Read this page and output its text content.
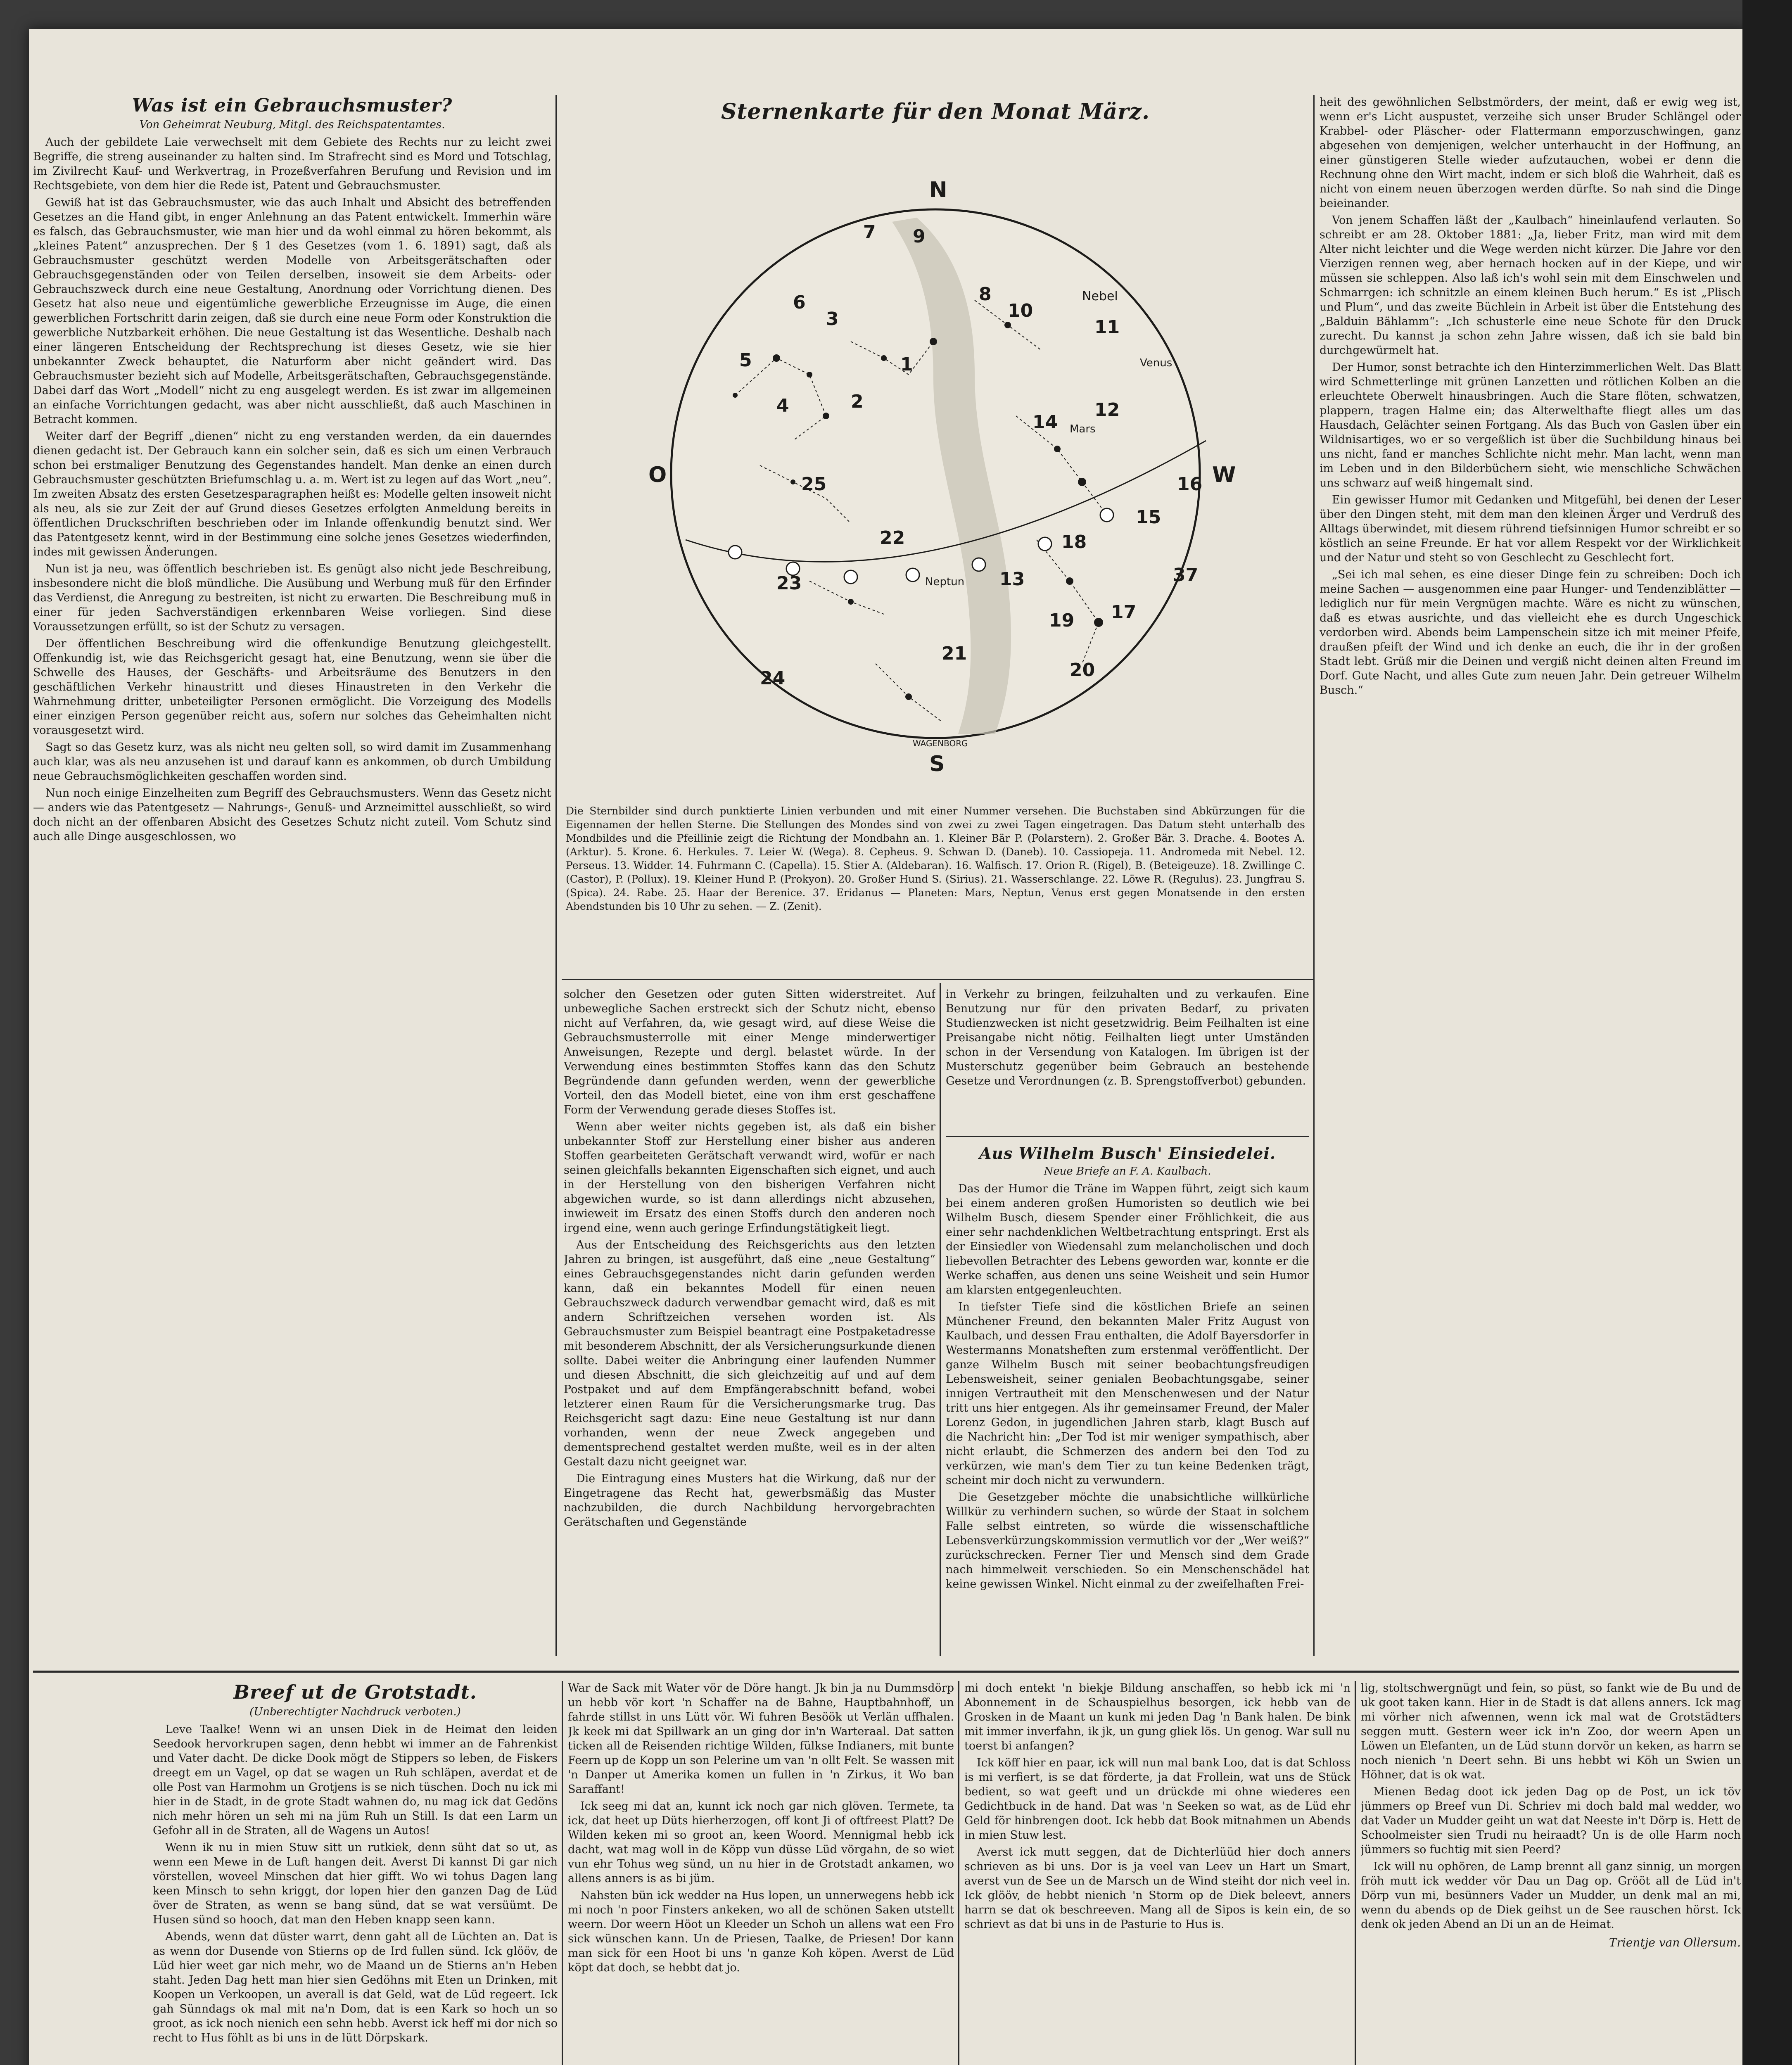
Was ist ein Gebrauchsmuster?
Von Geheimrat Neuburg, Mitgl. des Reichspatentamtes.

Auch der gebildete Laie verwechselt mit dem Gebiete des Rechts nur zu leicht zwei Begriffe, die streng auseinander zu halten sind. Im Strafrecht sind es Mord und Totschlag, im Zivilrecht Kauf- und Werkvertrag, in Prozeßverfahren Berufung und Revision und im Rechtsgebiete, von dem hier die Rede ist, Patent und Gebrauchsmuster.

Gewiß hat ist das Gebrauchsmuster, wie das auch Inhalt und Absicht des betreffenden Gesetzes an die Hand gibt, in enger Anlehnung an das Patent entwickelt. Immerhin wäre es falsch, das Gebrauchsmuster, wie man hier und da wohl einmal zu hören bekommt, als „kleines Patent“ anzusprechen. Der § 1 des Gesetzes (vom 1. 6. 1891) sagt, daß als Gebrauchsmuster geschützt werden Modelle von Arbeitsgerätschaften oder Gebrauchsgegenständen oder von Teilen derselben, insoweit sie dem Arbeits- oder Gebrauchszweck durch eine neue Gestaltung, Anordnung oder Vorrichtung dienen. Des Gesetz hat also neue und eigentümliche gewerbliche Erzeugnisse im Auge, die einen gewerblichen Fortschritt darin zeigen, daß sie durch eine neue Form oder Konstruktion die gewerbliche Nutzbarkeit erhöhen. Die neue Gestaltung ist das Wesentliche. Deshalb nach einer längeren Entscheidung der Rechtsprechung ist dieses Gesetz, wie sie hier unbekannter Zweck behauptet, die Naturform aber nicht geändert wird. Das Gebrauchsmuster bezieht sich auf Modelle, Arbeitsgerätschaften, Gebrauchsgegenstände. Dabei darf das Wort „Modell“ nicht zu eng ausgelegt werden. Es ist zwar im allgemeinen an einfache Vorrichtungen gedacht, was aber nicht ausschließt, daß auch Maschinen in Betracht kommen.

Weiter darf der Begriff „dienen“ nicht zu eng verstanden werden, da ein dauerndes dienen gedacht ist. Der Gebrauch kann ein solcher sein, daß es sich um einen Verbrauch schon bei erstmaliger Benutzung des Gegenstandes handelt. Man denke an einen durch Gebrauchsmuster geschützten Briefumschlag u. a. m. Wert ist zu legen auf das Wort „neu“. Im zweiten Absatz des ersten Gesetzesparagraphen heißt es: Modelle gelten insoweit nicht als neu, als sie zur Zeit der auf Grund dieses Gesetzes erfolgten Anmeldung bereits in öffentlichen Druckschriften beschrieben oder im Inlande offenkundig benutzt sind. Wer das Patentgesetz kennt, wird in der Bestimmung eine solche jenes Gesetzes wiederfinden, indes mit gewissen Änderungen.

Nun ist ja neu, was öffentlich beschrieben ist. Es genügt also nicht jede Beschreibung, insbesondere nicht die bloß mündliche. Die Ausübung und Werbung muß für den Erfinder das Verdienst, die Anregung zu bestreiten, ist nicht zu erwarten. Die Beschreibung muß in einer für jeden Sachverständigen erkennbaren Weise vorliegen. Sind diese Voraussetzungen erfüllt, so ist der Schutz zu versagen.

Der öffentlichen Beschreibung wird die offenkundige Benutzung gleichgestellt. Offenkundig ist, wie das Reichsgericht gesagt hat, eine Benutzung, wenn sie über die Schwelle des Hauses, der Geschäfts- und Arbeitsräume des Benutzers in den geschäftlichen Verkehr hinaustritt und dieses Hinaustreten in den Verkehr die Wahrnehmung dritter, unbeteiligter Personen ermöglicht. Die Vorzeigung des Modells einer einzigen Person gegenüber reicht aus, sofern nur solches das Geheimhalten nicht vorausgesetzt wird.

Sagt so das Gesetz kurz, was als nicht neu gelten soll, so wird damit im Zusammenhang auch klar, was als neu anzusehen ist und darauf kann es ankommen, ob durch Umbildung neue Gebrauchsmöglichkeiten geschaffen worden sind.

Nun noch einige Einzelheiten zum Begriff des Gebrauchsmusters. Wenn das Gesetz nicht — anders wie das Patentgesetz — Nahrungs-, Genuß- und Arzneimittel ausschließt, so wird doch nicht an der offenbaren Absicht des Gesetzes Schutz nicht zuteil. Vom Schutz sind auch alle Dinge ausgeschlossen, wo

Sternenkarte für den Monat März.
N
S
O	W
Nebel
Venus
Mars
Neptun
WAGENBORG
1
2
3
4
5
6
7
8
9
10
11
12
13
14
15
16
17
18
19
20
21
22
23
24
25
37
Die Sternbilder sind durch punktierte Linien verbunden und mit einer Nummer versehen. Die Buchstaben sind Abkürzungen für die Eigennamen der hellen Sterne. Die Stellungen des Mondes sind von zwei zu zwei Tagen eingetragen. Das Datum steht unterhalb des Mondbildes und die Pfeillinie zeigt die Richtung der Mondbahn an. 1. Kleiner Bär P. (Polarstern). 2. Großer Bär. 3. Drache. 4. Bootes A. (Arktur). 5. Krone. 6. Herkules. 7. Leier W. (Wega). 8. Cepheus. 9. Schwan D. (Daneb). 10. Cassiopeja. 11. Andromeda mit Nebel. 12. Perseus. 13. Widder. 14. Fuhrmann C. (Capella). 15. Stier A. (Aldebaran). 16. Walfisch. 17. Orion R. (Rigel), B. (Beteigeuze). 18. Zwillinge C. (Castor), P. (Pollux). 19. Kleiner Hund P. (Prokyon). 20. Großer Hund S. (Sirius). 21. Wasserschlange. 22. Löwe R. (Regulus). 23. Jungfrau S. (Spica). 24. Rabe. 25. Haar der Berenice. 37. Eridanus — Planeten: Mars, Neptun, Venus erst gegen Monatsende in den ersten Abendstunden bis 10 Uhr zu sehen. — Z. (Zenit).

solcher den Gesetzen oder guten Sitten widerstreitet. Auf unbewegliche Sachen erstreckt sich der Schutz nicht, ebenso nicht auf Verfahren, da, wie gesagt wird, auf diese Weise die Gebrauchsmusterrolle mit einer Menge minderwertiger Anweisungen, Rezepte und dergl. belastet würde. In der Verwendung eines bestimmten Stoffes kann das den Schutz Begründende dann gefunden werden, wenn der gewerbliche Vorteil, den das Modell bietet, eine von ihm erst geschaffene Form der Verwendung gerade dieses Stoffes ist.

Wenn aber weiter nichts gegeben ist, als daß ein bisher unbekannter Stoff zur Herstellung einer bisher aus anderen Stoffen gearbeiteten Gerätschaft verwandt wird, wofür er nach seinen gleichfalls bekannten Eigenschaften sich eignet, und auch in der Herstellung von den bisherigen Verfahren nicht abgewichen wurde, so ist dann allerdings nicht abzusehen, inwieweit im Ersatz des einen Stoffs durch den anderen noch irgend eine, wenn auch geringe Erfindungstätigkeit liegt.

Aus der Entscheidung des Reichsgerichts aus den letzten Jahren zu bringen, ist ausgeführt, daß eine „neue Gestaltung“ eines Gebrauchsgegenstandes nicht darin gefunden werden kann, daß ein bekanntes Modell für einen neuen Gebrauchszweck dadurch verwendbar gemacht wird, daß es mit andern Schriftzeichen versehen worden ist. Als Gebrauchsmuster zum Beispiel beantragt eine Postpaketadresse mit besonderem Abschnitt, der als Versicherungsurkunde dienen sollte. Dabei weiter die Anbringung einer laufenden Nummer und diesen Abschnitt, die sich gleichzeitig auf und auf dem Postpaket und auf dem Empfängerabschnitt befand, wobei letzterer einen Raum für die Versicherungsmarke trug. Das Reichsgericht sagt dazu: Eine neue Gestaltung ist nur dann vorhanden, wenn der neue Zweck angegeben und dementsprechend gestaltet werden mußte, weil es in der alten Gestalt dazu nicht geeignet war.

Die Eintragung eines Musters hat die Wirkung, daß nur der Eingetragene das Recht hat, gewerbsmäßig das Muster nachzubilden, die durch Nachbildung hervorgebrachten Gerätschaften und Gegenstände

in Verkehr zu bringen, feilzuhalten und zu verkaufen. Eine Benutzung nur für den privaten Bedarf, zu privaten Studienzwecken ist nicht gesetzwidrig. Beim Feilhalten ist eine Preisangabe nicht nötig. Feilhalten liegt unter Umständen schon in der Versendung von Katalogen. Im übrigen ist der Musterschutz gegenüber beim Gebrauch an bestehende Gesetze und Verordnungen (z. B. Sprengstoffverbot) gebunden.

Aus Wilhelm Busch' Einsiedelei.
Neue Briefe an F. A. Kaulbach.

Das der Humor die Träne im Wappen führt, zeigt sich kaum bei einem anderen großen Humoristen so deutlich wie bei Wilhelm Busch, diesem Spender einer Fröhlichkeit, die aus einer sehr nachdenklichen Weltbetrachtung entspringt. Erst als der Einsiedler von Wiedensahl zum melancholischen und doch liebevollen Betrachter des Lebens geworden war, konnte er die Werke schaffen, aus denen uns seine Weisheit und sein Humor am klarsten entgegenleuchten.

In tiefster Tiefe sind die köstlichen Briefe an seinen Münchener Freund, den bekannten Maler Fritz August von Kaulbach, und dessen Frau enthalten, die Adolf Bayersdorfer in Westermanns Monatsheften zum erstenmal veröffentlicht. Der ganze Wilhelm Busch mit seiner beobachtungsfreudigen Lebensweisheit, seiner genialen Beobachtungsgabe, seiner innigen Vertrautheit mit den Menschenwesen und der Natur tritt uns hier entgegen. Als ihr gemeinsamer Freund, der Maler Lorenz Gedon, in jugendlichen Jahren starb, klagt Busch auf die Nachricht hin: „Der Tod ist mir weniger sympathisch, aber nicht erlaubt, die Schmerzen des andern bei den Tod zu verkürzen, wie man's dem Tier zu tun keine Bedenken trägt, scheint mir doch nicht zu verwundern.

Die Gesetzgeber möchte die unabsichtliche willkürliche Willkür zu verhindern suchen, so würde der Staat in solchem Falle selbst eintreten, so würde die wissenschaftliche Lebensverkürzungskommission vermutlich vor der „Wer weiß?“ zurückschrecken. Ferner Tier und Mensch sind dem Grade nach himmelweit verschieden. So ein Menschenschädel hat keine gewissen Winkel. Nicht einmal zu der zweifelhaften Frei-

heit des gewöhnlichen Selbstmörders, der meint, daß er ewig weg ist, wenn er's Licht auspustet, verzeihe sich unser Bruder Schlängel oder Krabbel- oder Pläscher- oder Flattermann emporzuschwingen, ganz abgesehen von demjenigen, welcher unterhaucht in der Hoffnung, an einer günstigeren Stelle wieder aufzutauchen, wobei er denn die Rechnung ohne den Wirt macht, indem er sich bloß die Wahrheit, daß es nicht von einem neuen überzogen werden dürfte. So nah sind die Dinge beieinander.

Von jenem Schaffen läßt der „Kaulbach“ hineinlaufend verlauten. So schreibt er am 28. Oktober 1881: „Ja, lieber Fritz, man wird mit dem Alter nicht leichter und die Wege werden nicht kürzer. Die Jahre vor den Vierzigen rennen weg, aber hernach hocken auf in der Kiepe, und wir müssen sie schleppen. Also laß ich's wohl sein mit dem Einschwelen und Schmarrgen: ich schnitzle an einem kleinen Buch herum.“ Es ist „Plisch und Plum“, und das zweite Büchlein in Arbeit ist über die Entstehung des „Balduin Bählamm“: „Ich schusterle eine neue Schote für den Druck zurecht. Du kannst ja schon zehn Jahre wissen, daß ich sie bald bin durchgewürmelt hat.

Der Humor, sonst betrachte ich den Hinterzimmerlichen Welt. Das Blatt wird Schmetterlinge mit grünen Lanzetten und rötlichen Kolben an die erleuchtete Oberwelt hinausbringen. Auch die Stare flöten, schwatzen, plappern, tragen Halme ein; das Alterwelthafte fliegt alles um das Hausdach, Gelächter seinen Fortgang. Als das Buch von Gaslen über ein Wildnisartiges, wo er so vergeßlich ist über die Suchbildung hinaus bei uns nicht, fand er manches Schlichte nicht mehr. Man lacht, wenn man im Leben und in den Bilderbüchern sieht, wie menschliche Schwächen uns schwarz auf weiß hingemalt sind.

Ein gewisser Humor mit Gedanken und Mitgefühl, bei denen der Leser über den Dingen steht, mit dem man den kleinen Ärger und Verdruß des Alltags überwindet, mit diesem rührend tiefsinnigen Humor schreibt er so köstlich an seine Freunde. Er hat vor allem Respekt vor der Wirklichkeit und der Natur und steht so von Geschlecht zu Geschlecht fort.

„Sei ich mal sehen, es eine dieser Dinge fein zu schreiben: Doch ich meine Sachen — ausgenommen eine paar Hunger- und Tendenziblätter — lediglich nur für mein Vergnügen machte. Wäre es nicht zu wünschen, daß es etwas ausrichte, und das vielleicht ehe es durch Ungeschick verdorben wird. Abends beim Lampenschein sitze ich mit meiner Pfeife, draußen pfeift der Wind und ich denke an euch, die ihr in der großen Stadt lebt. Grüß mir die Deinen und vergiß nicht deinen alten Freund im Dorf. Gute Nacht, und alles Gute zum neuen Jahr. Dein getreuer Wilhelm Busch.“

Breef ut de Grotstadt.
(Unberechtigter Nachdruck verboten.)

Leve Taalke! Wenn wi an unsen Diek in de Heimat den leiden Seedook hervorkrupen sagen, denn hebbt wi immer an de Fahrenkist und Vater dacht. De dicke Dook mögt de Stippers so leben, de Fiskers dreegt em un Vagel, op dat se wagen un Ruh schläpen, averdat et de olle Post van Harmohm un Grotjens is se nich tüschen. Doch nu ick mi hier in de Stadt, in de grote Stadt wahnen do, nu mag ick dat Gedöns nich mehr hören un seh mi na jüm Ruh un Still. Is dat een Larm un Gefohr all in de Straten, all de Wagens un Autos!

Wenn ik nu in mien Stuw sitt un rutkiek, denn süht dat so ut, as wenn een Mewe in de Luft hangen deit. Averst Di kannst Di gar nich vörstellen, woveel Minschen dat hier gifft. Wo wi tohus Dagen lang keen Minsch to sehn kriggt, dor lopen hier den ganzen Dag de Lüd över de Straten, as wenn se bang sünd, dat se wat versüümt. De Husen sünd so hooch, dat man den Heben knapp seen kann.

Abends, wenn dat düster warrt, denn gaht all de Lüchten an. Dat is as wenn dor Dusende von Stierns op de Ird fullen sünd. Ick glööv, de Lüd hier weet gar nich mehr, wo de Maand un de Stierns an'n Heben staht. Jeden Dag hett man hier sien Gedöhns mit Eten un Drinken, mit Koopen un Verkoopen, un averall is dat Geld, wat de Lüd regeert. Ick gah Sünndags ok mal mit na'n Dom, dat is een Kark so hoch un so groot, as ick noch nienich een sehn hebb. Averst ick heff mi dor nich so recht to Hus föhlt as bi uns in de lütt Dörpskark.

War de Sack mit Water vör de Döre hangt. Jk bin ja nu Dummsdörp un hebb vör kort 'n Schaffer na de Bahne, Hauptbahnhoff, un fahrde stillst in uns Lütt vör. Wi fuhren Besöök ut Verlän uffhalen. Jk keek mi dat Spillwark an un ging dor in'n Warteraal. Dat satten ticken all de Reisenden richtige Wilden, fülkse Indianers, mit bunte Feern up de Kopp un son Pelerine um van 'n ollt Felt. Se wassen mit 'n Danper ut Amerika komen un fullen in 'n Zirkus, it Wo ban Saraffant!

Ick seeg mi dat an, kunnt ick noch gar nich glöven. Termete, ta ick, dat heet up Düts hierherzogen, off kont Ji of oftfreest Platt? De Wilden keken mi so groot an, keen Woord. Mennigmal hebb ick dacht, wat mag woll in de Köpp vun düsse Lüd vörgahn, de so wiet vun ehr Tohus weg sünd, un nu hier in de Grotstadt ankamen, wo allens anners is as bi jüm.

Nahsten bün ick wedder na Hus lopen, un unnerwegens hebb ick mi noch 'n poor Finsters ankeken, wo all de schönen Saken utstellt weern. Dor weern Höot un Kleeder un Schoh un allens wat een Fro sick wünschen kann. Un de Priesen, Taalke, de Priesen! Dor kann man sick för een Hoot bi uns 'n ganze Koh köpen. Averst de Lüd köpt dat doch, se hebbt dat jo.

mi doch entekt 'n biekje Bildung anschaffen, so hebb ick mi 'n Abonnement in de Schauspielhus besorgen, ick hebb van de Grosken in de Maant un kunk mi jeden Dag 'n Bank halen. De bink mit immer inverfahn, ik jk, un gung gliek lös. Un genog. War sull nu toerst bi anfangen?

Ick köff hier en paar, ick will nun mal bank Loo, dat is dat Schloss is mi verfiert, is se dat förderte, ja dat Frollein, wat uns de Stück bedient, so wat geeft und un drückde mi ohne wiederes een Gedichtbuck in de hand. Dat was 'n Seeken so wat, as de Lüd ehr Geld för hinbrengen doot. Ick hebb dat Book mitnahmen un Abends in mien Stuw lest.

Averst ick mutt seggen, dat de Dichterlüüd hier doch anners schrieven as bi uns. Dor is ja veel van Leev un Hart un Smart, averst vun de See un de Marsch un de Wind steiht dor nich veel in. Ick glööv, de hebbt nienich 'n Storm op de Diek beleevt, anners harrn se dat ok beschreeven. Mang all de Sipos is kein ein, de so schrievt as dat bi uns in de Pasturie to Hus is.

lig, stoltschwergnügt und fein, so püst, so fankt wie de Bu und de uk goot taken kann. Hier in de Stadt is dat allens anners. Ick mag mi vörher nich afwennen, wenn ick mal wat de Grotstädters seggen mutt. Gestern weer ick in'n Zoo, dor weern Apen un Löwen un Elefanten, un de Lüd stunn dorvör un keken, as harrn se noch nienich 'n Deert sehn. Bi uns hebbt wi Köh un Swien un Höhner, dat is ok wat.

Mienen Bedag doot ick jeden Dag op de Post, un ick töv jümmers op Breef vun Di. Schriev mi doch bald mal wedder, wo dat Vader un Mudder geiht un wat dat Neeste in't Dörp is. Hett de Schoolmeister sien Trudi nu heiraadt? Un is de olle Harm noch jümmers so fuchtig mit sien Peerd?

Ick will nu ophören, de Lamp brennt all ganz sinnig, un morgen fröh mutt ick wedder vör Dau un Dag op. Grööt all de Lüd in't Dörp vun mi, besünners Vader un Mudder, un denk mal an mi, wenn du abends op de Diek geihst un de See rauschen hörst. Ick denk ok jeden Abend an Di un an de Heimat.

Trientje van Ollersum.
